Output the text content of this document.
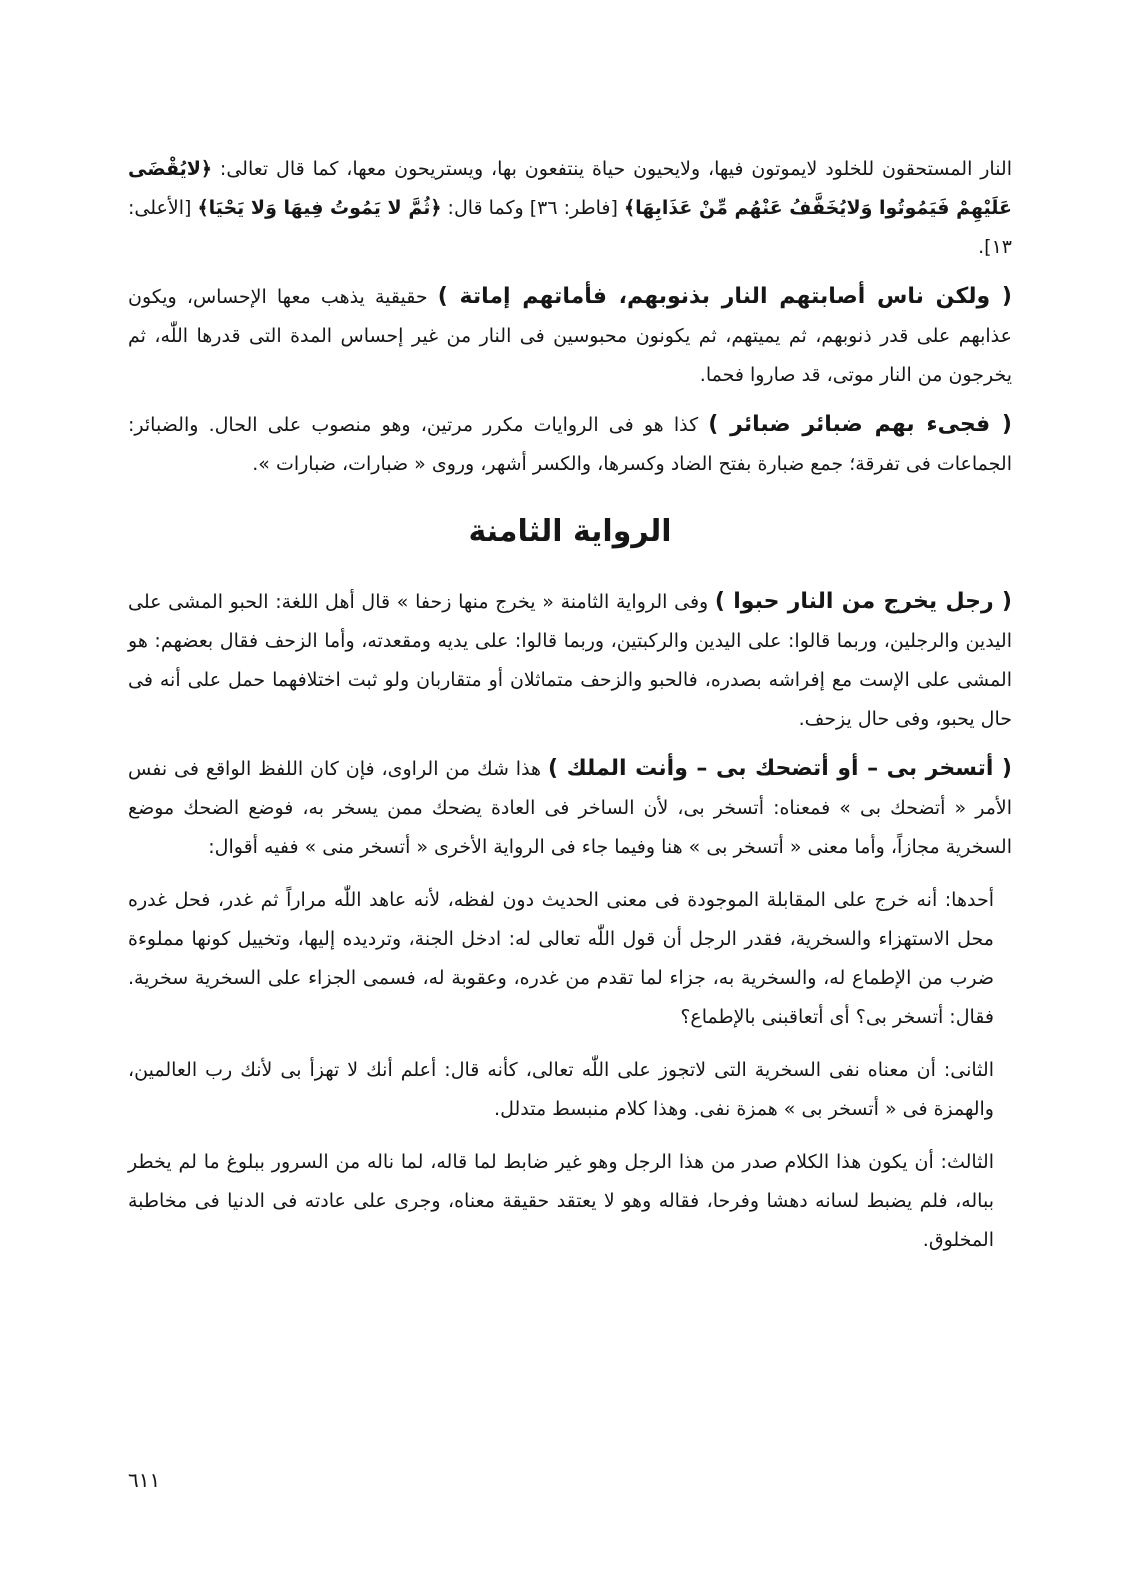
النار المستحقون للخلود لايموتون فيها، ولايحيون حياة ينتفعون بها، ويستريحون معها، كما قال تعالى: ﴿لايُقْضَى عَلَيْهِمْ فَيَمُوتُوا وَلايُخَفَّفُ عَنْهُم مِّنْ عَذَابِهَا﴾ [فاطر: ٣٦] وكما قال: ﴿ثُمَّ لا يَمُوتُ فِيهَا وَلا يَحْيَا﴾ [الأعلى: ١٣].

( ولكن ناس أصابتهم النار بذنوبهم، فأماتهم إماتة ) حقيقية يذهب معها الإحساس، ويكون عذابهم على قدر ذنوبهم، ثم يميتهم، ثم يكونون محبوسين فى النار من غير إحساس المدة التى قدرها اللّٰه، ثم يخرجون من النار موتى، قد صاروا فحما.

( فجىء بهم ضبائر ضبائر ) كذا هو فى الروايات مكرر مرتين، وهو منصوب على الحال. والضبائر: الجماعات فى تفرقة؛ جمع ضبارة بفتح الضاد وكسرها، والكسر أشهر، وروى « ضبارات، ضبارات ».

الرواية الثامنة

( رجل يخرج من النار حبوا ) وفى الرواية الثامنة « يخرج منها زحفا » قال أهل اللغة: الحبو المشى على اليدين والرجلين، وربما قالوا: على اليدين والركبتين، وربما قالوا: على يديه ومقعدته، وأما الزحف فقال بعضهم: هو المشى على الإست مع إفراشه بصدره، فالحبو والزحف متماثلان أو متقاربان ولو ثبت اختلافهما حمل على أنه فى حال يحبو، وفى حال يزحف.

( أتسخر بى – أو أتضحك بى – وأنت الملك ) هذا شك من الراوى، فإن كان اللفظ الواقع فى نفس الأمر « أتضحك بى » فمعناه: أتسخر بى، لأن الساخر فى العادة يضحك ممن يسخر به، فوضع الضحك موضع السخرية مجازاً، وأما معنى « أتسخر بى » هنا وفيما جاء فى الرواية الأخرى « أتسخر منى » ففيه أقوال:

أحدها: أنه خرج على المقابلة الموجودة فى معنى الحديث دون لفظه، لأنه عاهد اللّٰه مراراً ثم غدر، فحل غدره محل الاستهزاء والسخرية، فقدر الرجل أن قول اللّٰه تعالى له: ادخل الجنة، وترديده إليها، وتخييل كونها مملوءة ضرب من الإطماع له، والسخرية به، جزاء لما تقدم من غدره، وعقوبة له، فسمى الجزاء على السخرية سخرية. فقال: أتسخر بى؟ أى أتعاقبنى بالإطماع؟

الثانى: أن معناه نفى السخرية التى لاتجوز على اللّٰه تعالى، كأنه قال: أعلم أنك لا تهزأ بى لأنك رب العالمين، والهمزة فى « أتسخر بى » همزة نفى. وهذا كلام منبسط متدلل.

الثالث: أن يكون هذا الكلام صدر من هذا الرجل وهو غير ضابط لما قاله، لما ناله من السرور ببلوغ ما لم يخطر بباله، فلم يضبط لسانه دهشا وفرحا، فقاله وهو لا يعتقد حقيقة معناه، وجرى على عادته فى الدنيا فى مخاطبة المخلوق.

٦١١
